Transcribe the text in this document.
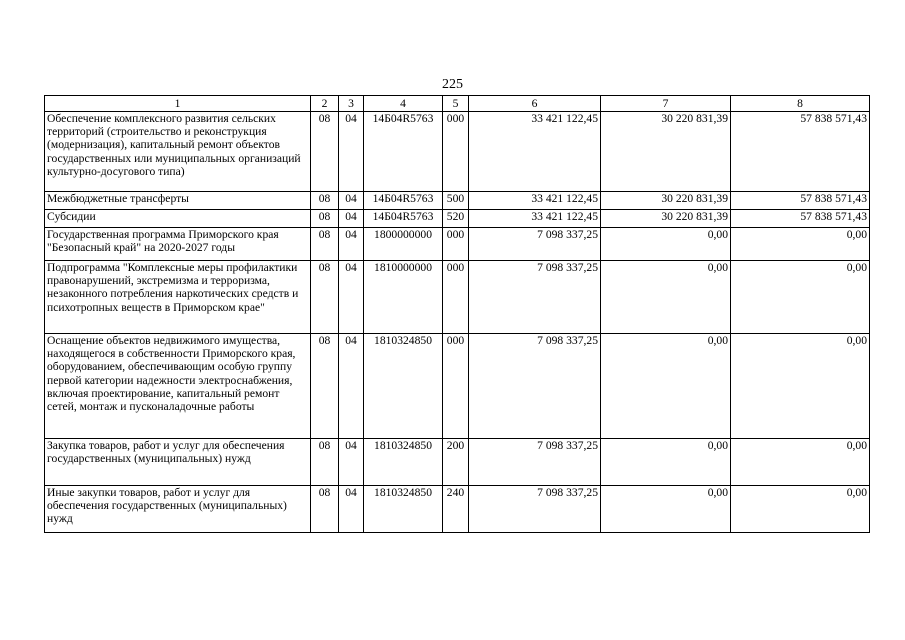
225
1	2	3	4	5	6	7	8
Обеспечение комплексного развития сельских территорий (строительство и реконструкция (модернизация), капитальный ремонт объектов государственных или муниципальных организаций культурно-досугового типа)	08	04	14Б04R5763	000	33 421 122,45	30 220 831,39	57 838 571,43
Межбюджетные трансферты	08	04	14Б04R5763	500	33 421 122,45	30 220 831,39	57 838 571,43
Субсидии	08	04	14Б04R5763	520	33 421 122,45	30 220 831,39	57 838 571,43
Государственная программа Приморского края "Безопасный край" на 2020-2027 годы	08	04	1800000000	000	7 098 337,25	0,00	0,00
Подпрограмма "Комплексные меры профилактики правонарушений, экстремизма и терроризма, незаконного потребления наркотических средств и психотропных веществ в Приморском крае"	08	04	1810000000	000	7 098 337,25	0,00	0,00
Оснащение объектов недвижимого имущества, находящегося в собственности Приморского края, оборудованием, обеспечивающим особую группу первой категории надежности электроснабжения, включая проектирование, капитальный ремонт сетей, монтаж и пусконаладочные работы	08	04	1810324850	000	7 098 337,25	0,00	0,00
Закупка товаров, работ и услуг для обеспечения государственных (муниципальных) нужд	08	04	1810324850	200	7 098 337,25	0,00	0,00
Иные закупки товаров, работ и услуг для обеспечения государственных (муниципальных) нужд	08	04	1810324850	240	7 098 337,25	0,00	0,00
